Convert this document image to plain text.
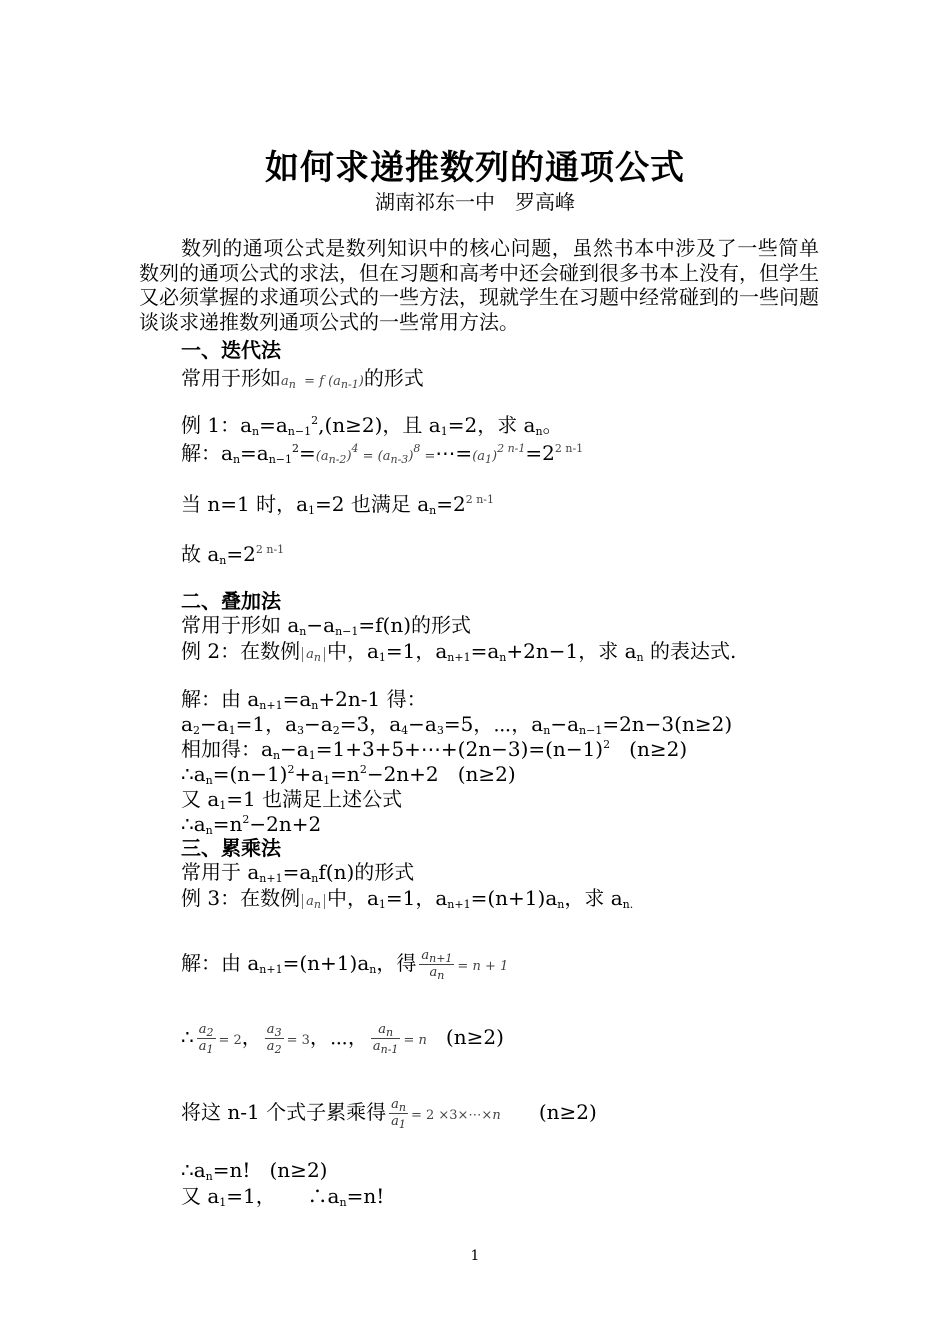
如何求递推数列的通项公式
湖南祁东一中　罗高峰
数列的通项公式是数列知识中的核心问题，虽然书本中涉及了一些简单数列的通项公式的求法，但在习题和高考中还会碰到很多书本上没有，但学生又必须掌握的求通项公式的一些方法，现就学生在习题中经常碰到的一些问题谈谈求递推数列通项公式的一些常用方法。
一、迭代法
常用于形如$a_n = f$ $(a_{n-1})$的形式
例 1：$a_n=a_{n-1}^2,(n\ge 2)$，且 $a_1=2$，求 $a_n$。
解：$a_n=a_{n-1}^2=(a_{n-2})^4 = (a_{n-3})^8$ $=\cdots=(a_1)^{2 n-1}=2^{2 n-1}$
当 n=1 时，$a_1=2$ 也满足 $a_n=2^{2 n-1}$
故 $a_n=2^{2 n-1}$
二、叠加法
常用于形如 $a_n-a_{n-1}=f(n)$的形式
例 2：在数例 $a_n$ 中，$a_1=1$，$a_{n+1}=a_n+2n-1$，求 $a_n$ 的表达式.
解：由 $a_{n+1}=a_n+2n-1$ 得：
$a_2-a_1=1$，$a_3-a_2=3$，$a_4-a_3=5$，⋯，$a_n-a_{n-1}=2n-3(n\ge 2)$
相加得：$a_n-a_1=1+3+5+\cdots+(2n-3)=(n-1)^2$   (n≥2)
$\therefore a_n=(n-1)^2+a_1=n^2-2n+2$   (n≥2)
又 $a_1=1$ 也满足上述公式
$\therefore a_n=n^2-2n+2$
三、累乘法
常用于 $a_{n+1}=a_nf(n)$的形式
例 3：在数例 $a_n$ 中，$a_1=1$，$a_{n+1}=(n+1)a_n$，求 $a_{n.}$
解：由 $a_{n+1}=(n+1)a_n$，得 $\frac{a_{n+1}}{a_n} = n + 1$
∴ $\frac{a_2}{a_1} = 2$， $\frac{a_3}{a_2} = 3$，⋯， $\frac{a_n}{a_{n-1}} = n$ (n≥2)
将这 n-1 个式子累乘得 $\frac{a_n}{a_1} = 2$ ×3×⋯×n (n≥2)
$\therefore a_n=n$!   (n≥2)
又 $a_1=1$，     $\therefore a_n=n$!
1
